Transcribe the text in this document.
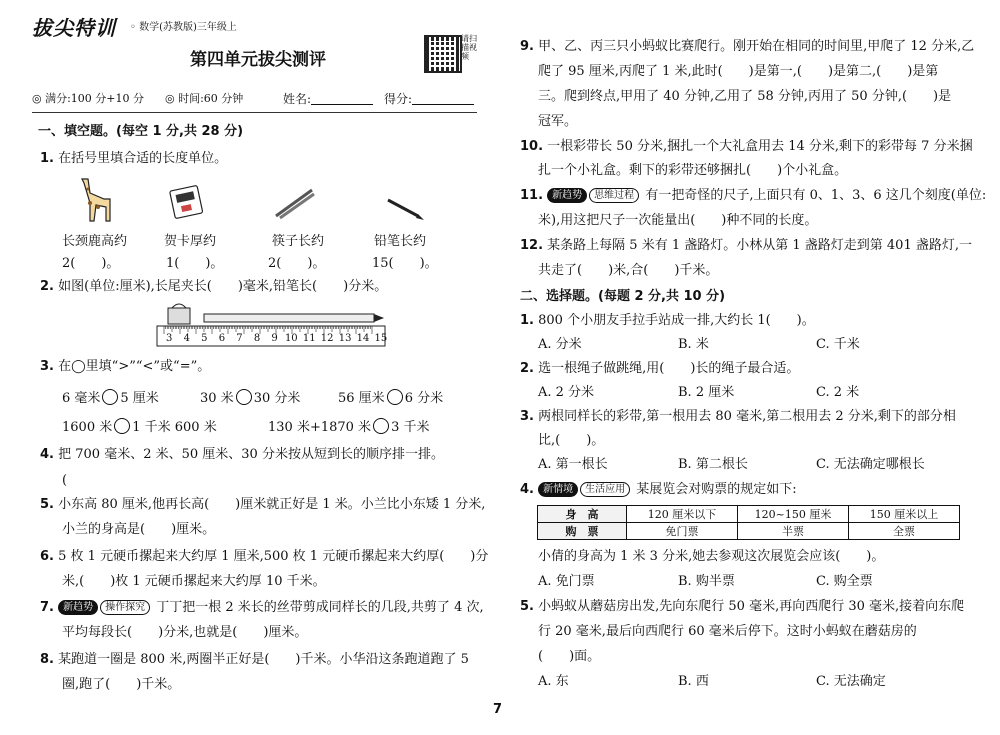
拔尖特训 ◦ 数学(苏教版)三年级上
第四单元拔尖测评
请扫描视频
◎ 满分:100 分+10 分 ◎ 时间:60 分钟	姓名:	得分:
一、填空题。(每空 1 分,共 28 分)
1. 在括号里填合适的长度单位。
长颈鹿高约	贺卡厚约	筷子长约	铅笔长约
2(　　)。	1(　　)。	2(　　)。	15(　　)。
2. 如图(单位:厘米),长尾夹长(　　)毫米,铅笔长(　　)分米。
3 4 5 6 7 8 9 10 11 12 13 14 15
3. 在◯里填“>”“<”或“=”。
6 毫米 5 厘米	30 米 30 分米	56 厘米 6 分米
1600 米 1 千米 600 米	130 米+1870 米 3 千米
4. 把 700 毫米、2 米、50 厘米、30 分米按从短到长的顺序排一排。
(
5. 小东高 80 厘米,他再长高(　　)厘米就正好是 1 米。小兰比小东矮 1 分米,
小兰的身高是(　　)厘米。
6. 5 枚 1 元硬币摞起来大约厚 1 厘米,500 枚 1 元硬币摞起来大约厚(　　)分
米,(　　)枚 1 元硬币摞起来大约厚 10 千米。
7. 新趋势 操作探究 丁丁把一根 2 米长的丝带剪成同样长的几段,共剪了 4 次,
平均每段长(　　)分米,也就是(　　)厘米。
8. 某跑道一圈是 800 米,两圈半正好是(　　)千米。小华沿这条跑道跑了 5
圈,跑了(　　)千米。
9. 甲、乙、丙三只小蚂蚁比赛爬行。刚开始在相同的时间里,甲爬了 12 分米,乙
爬了 95 厘米,丙爬了 1 米,此时(　　)是第一,(　　)是第二,(　　)是第
三。爬到终点,甲用了 40 分钟,乙用了 58 分钟,丙用了 50 分钟,(　　)是
冠军。
10. 一根彩带长 50 分米,捆扎一个大礼盒用去 14 分米,剩下的彩带每 7 分米捆
扎一个小礼盒。剩下的彩带还够捆扎(　　)个小礼盒。
11. 新趋势 思维过程 有一把奇怪的尺子,上面只有 0、1、3、6 这几个刻度(单位:
米),用这把尺子一次能量出(　　)种不同的长度。
12. 某条路上每隔 5 米有 1 盏路灯。小林从第 1 盏路灯走到第 401 盏路灯,一
共走了(　　)米,合(　　)千米。
二、选择题。(每题 2 分,共 10 分)
1. 800 个小朋友手拉手站成一排,大约长 1(　　)。
A. 分米	B. 米	C. 千米
2. 选一根绳子做跳绳,用(　　)长的绳子最合适。
A. 2 分米	B. 2 厘米	C. 2 米
3. 两根同样长的彩带,第一根用去 80 毫米,第二根用去 2 分米,剩下的部分相
比,(　　)。
A. 第一根长	B. 第二根长	C. 无法确定哪根长
4. 新情境 生活应用 某展览会对购票的规定如下:
小倩的身高为 1 米 3 分米,她去参观这次展览会应该(　　)。
A. 免门票	B. 购半票	C. 购全票
5. 小蚂蚁从蘑菇房出发,先向东爬行 50 毫米,再向西爬行 30 毫米,接着向东爬
行 20 毫米,最后向西爬行 60 毫米后停下。这时小蚂蚁在蘑菇房的
(　　)面。
A. 东	B. 西	C. 无法确定
身　高	120 厘米以下	120~150 厘米	150 厘米以上
购　票	免门票	半票	全票
7
